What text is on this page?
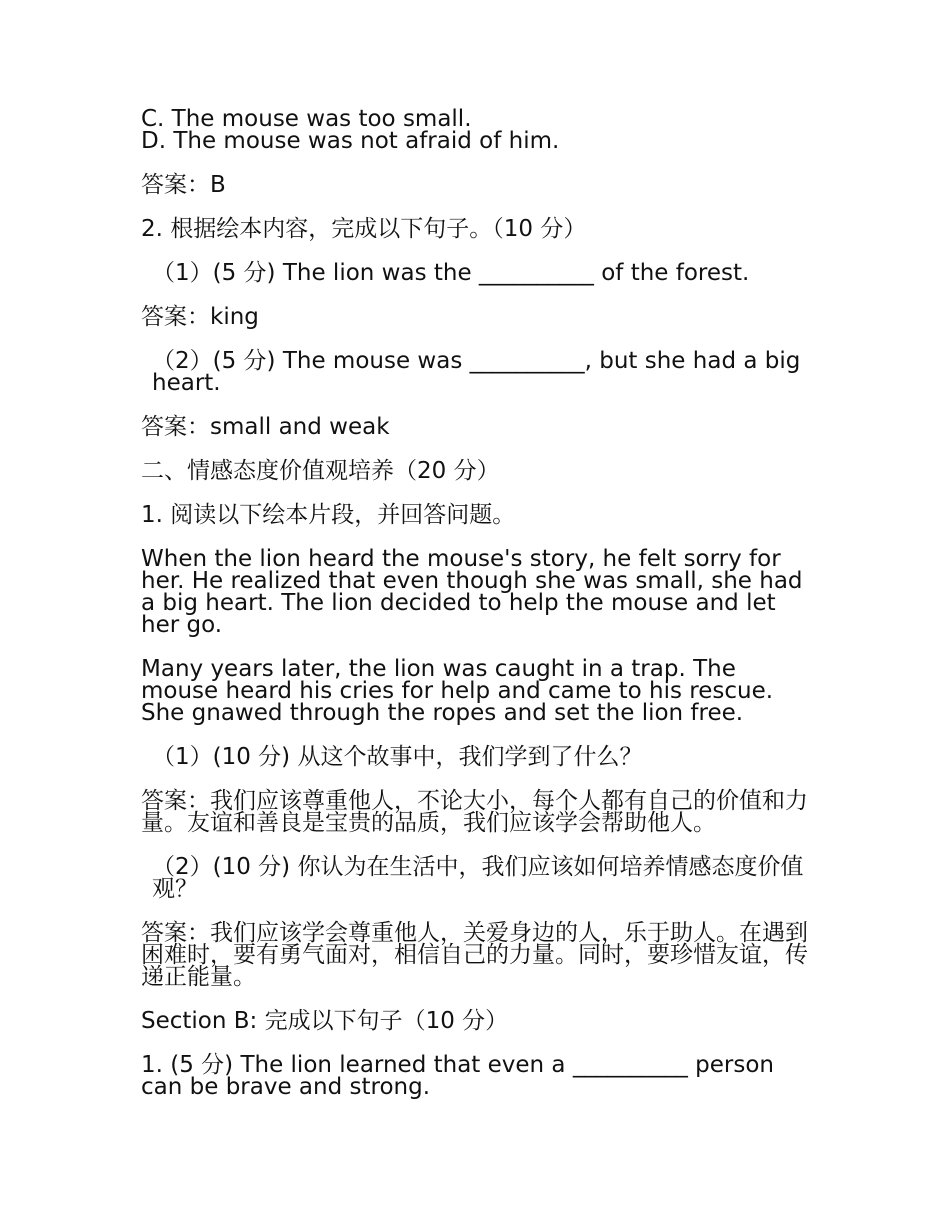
C. The mouse was too small.

D. The mouse was not afraid of him.

答案：B

2. 根据绘本内容，完成以下句子。（10 分）

（1）(5 分) The lion was the __________ of the forest.

答案：king

（2）(5 分) The mouse was __________, but she had a big heart.

答案：small and weak

二、情感态度价值观培养（20 分）

1. 阅读以下绘本片段，并回答问题。

When the lion heard the mouse's story, he felt sorry for her. He realized that even though she was small, she had a big heart. The lion decided to help the mouse and let her go.

Many years later, the lion was caught in a trap. The mouse heard his cries for help and came to his rescue. She gnawed through the ropes and set the lion free.

（1）(10 分) 从这个故事中，我们学到了什么？

答案：我们应该尊重他人，不论大小，每个人都有自己的价值和力量。友谊和善良是宝贵的品质，我们应该学会帮助他人。

（2）(10 分) 你认为在生活中，我们应该如何培养情感态度价值观？

答案：我们应该学会尊重他人，关爱身边的人，乐于助人。在遇到困难时，要有勇气面对，相信自己的力量。同时，要珍惜友谊，传递正能量。

Section B: 完成以下句子（10 分）

1. (5 分) The lion learned that even a __________ person can be brave and strong.
